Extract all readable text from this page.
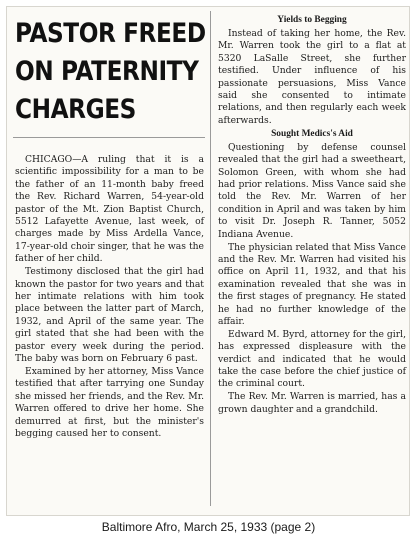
PASTOR FREED
ON PATERNITY
CHARGES

CHICAGO—A ruling that it is a scientific impossibility for a man to be the father of an 11-month baby freed the Rev. Richard Warren, 54-year-old pastor of the Mt. Zion Baptist Church, 5512 Lafayette Avenue, last week, of charges made by Miss Ardella Vance, 17-year-old choir singer, that he was the father of her child.

Testimony disclosed that the girl had known the pastor for two years and that her intimate relations with him took place between the latter part of March, 1932, and April of the same year. The girl stated that she had been with the pastor every week during the period. The baby was born on February 6 past.

Examined by her attorney, Miss Vance testified that after tarrying one Sunday she missed her friends, and the Rev. Mr. Warren offered to drive her home. She demurred at first, but the minister's begging caused her to consent.

Yields to Begging

Instead of taking her home, the Rev. Mr. Warren took the girl to a flat at 5320 LaSalle Street, she further testified. Under influence of his passionate persuasions, Miss Vance said she consented to intimate relations, and then regularly each week afterwards.

Sought Medics's Aid

Questioning by defense counsel revealed that the girl had a sweetheart, Solomon Green, with whom she had had prior relations. Miss Vance said she told the Rev. Mr. Warren of her condition in April and was taken by him to visit Dr. Joseph R. Tanner, 5052 Indiana Avenue.

The physician related that Miss Vance and the Rev. Mr. Warren had visited his office on April 11, 1932, and that his examination revealed that she was in the first stages of pregnancy. He stated he had no further knowledge of the affair.

Edward M. Byrd, attorney for the girl, has expressed displeasure with the verdict and indicated that he would take the case before the chief justice of the criminal court.

The Rev. Mr. Warren is married, has a grown daughter and a grandchild.

Baltimore Afro, March 25, 1933 (page 2)
